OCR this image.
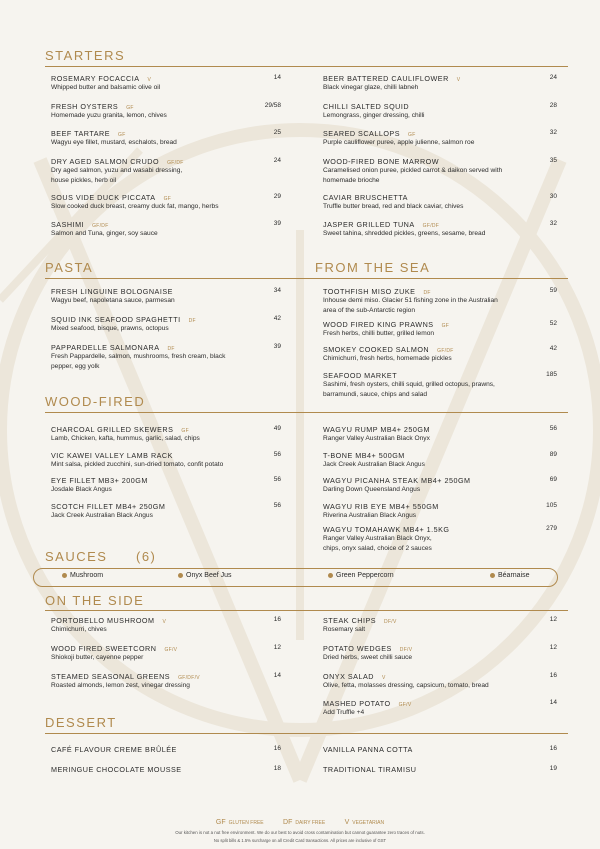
STARTERS
ROSEMARY FOCACCIA V	14
Whipped butter and balsamic olive oil
FRESH OYSTERS GF	29/58
Homemade yuzu granita, lemon, chives
BEEF TARTARE GF	25
Wagyu eye fillet, mustard, eschalots, bread
DRY AGED SALMON CRUDO GF/DF	24
Dry aged salmon, yuzu and wasabi dressing,
house pickles, herb oil
SOUS VIDE DUCK PICCATA GF	29
Slow cooked duck breast, creamy duck fat, mango, herbs
SASHIMI GF/DF	39
Salmon and Tuna, ginger, soy sauce
BEER BATTERED CAULIFLOWER V	24
Black vinegar glaze, chilli labneh
CHILLI SALTED SQUID	28
Lemongrass, ginger dressing, chilli
SEARED SCALLOPS GF	32
Purple cauliflower puree, apple julienne, salmon roe
WOOD-FIRED BONE MARROW	35
Caramelised onion puree, pickled carrot & daikon served with
homemade brioche
CAVIAR BRUSCHETTA	30
Truffle butter bread, red and black caviar, chives
JASPER GRILLED TUNA GF/DF	32
Sweet tahina, shredded pickles, greens, sesame, bread
PASTA	FROM THE SEA
FRESH LINGUINE BOLOGNAISE	34
Wagyu beef, napoletana sauce, parmesan
SQUID INK SEAFOOD SPAGHETTI DF	42
Mixed seafood, bisque, prawns, octopus
PAPPARDELLE SALMONARA DF	39
Fresh Pappardelle, salmon, mushrooms, fresh cream, black
pepper, egg yolk
TOOTHFISH MISO ZUKE DF	59
Inhouse demi miso. Glacier 51 fishing zone in the Australian
area of the sub-Antarctic region
WOOD FIRED KING PRAWNS GF	52
Fresh herbs, chilli butter, grilled lemon
SMOKEY COOKED SALMON GF/DF	42
Chimichurri, fresh herbs, homemade pickles
SEAFOOD MARKET	185
Sashimi, fresh oysters, chilli squid, grilled octopus, prawns,
barramundi, sauce, chips and salad
WOOD-FIRED
CHARCOAL GRILLED SKEWERS GF	49
Lamb, Chicken, kafta, hummus, garlic, salad, chips
VIC KAWEI VALLEY LAMB RACK	56
Mint salsa, pickled zucchini, sun-dried tomato, confit potato
EYE FILLET MB3+ 200GM	56
Josdale Black Angus
SCOTCH FILLET MB4+ 250GM	56
Jack Creek Australian Black Angus
WAGYU RUMP MB4+ 250GM	56
Ranger Valley Australian Black Onyx
T-BONE MB4+ 500GM	89
Jack Creek Australian Black Angus
WAGYU PICANHA STEAK MB4+ 250GM	69
Darling Down Queensland Angus
WAGYU RIB EYE MB4+ 550GM	105
Riverina Australian Black Angus
WAGYU TOMAHAWK MB4+ 1.5KG	279
Ranger Valley Australian Black Onyx,
chips, onyx salad, choice of 2 sauces
SAUCES (6)
Mushroom	Onyx Beef Jus	Green Peppercorn	Béarnaise
ON THE SIDE
PORTOBELLO MUSHROOM V	16
Chimichurri, chives
WOOD FIRED SWEETCORN GF/V	12
Shiokoji butter, cayenne pepper
STEAMED SEASONAL GREENS GF/DF/V	14
Roasted almonds, lemon zest, vinegar dressing
STEAK CHIPS DF/V	12
Rosemary salt
POTATO WEDGES DF/V	12
Dried herbs, sweet chilli sauce
ONYX SALAD V	16
Olive, fetta, molasses dressing, capsicum, tomato, bread
MASHED POTATO GF/V	14
Add Truffle +4
DESSERT
CAFÉ FLAVOUR CREME BRÛLÉE	16
MERINGUE CHOCOLATE MOUSSE	18
VANILLA PANNA COTTA	16
TRADITIONAL TIRAMISU	19
GF GLUTEN FREE	DF DAIRY FREE	V VEGETARIAN
Our kitchen is not a nut free environment. We do our best to avoid cross contamination but cannot guarantee zero traces of nuts.
No split bills & 1.5% surcharge on all Credit Card transactions. All prices are inclusive of GST
